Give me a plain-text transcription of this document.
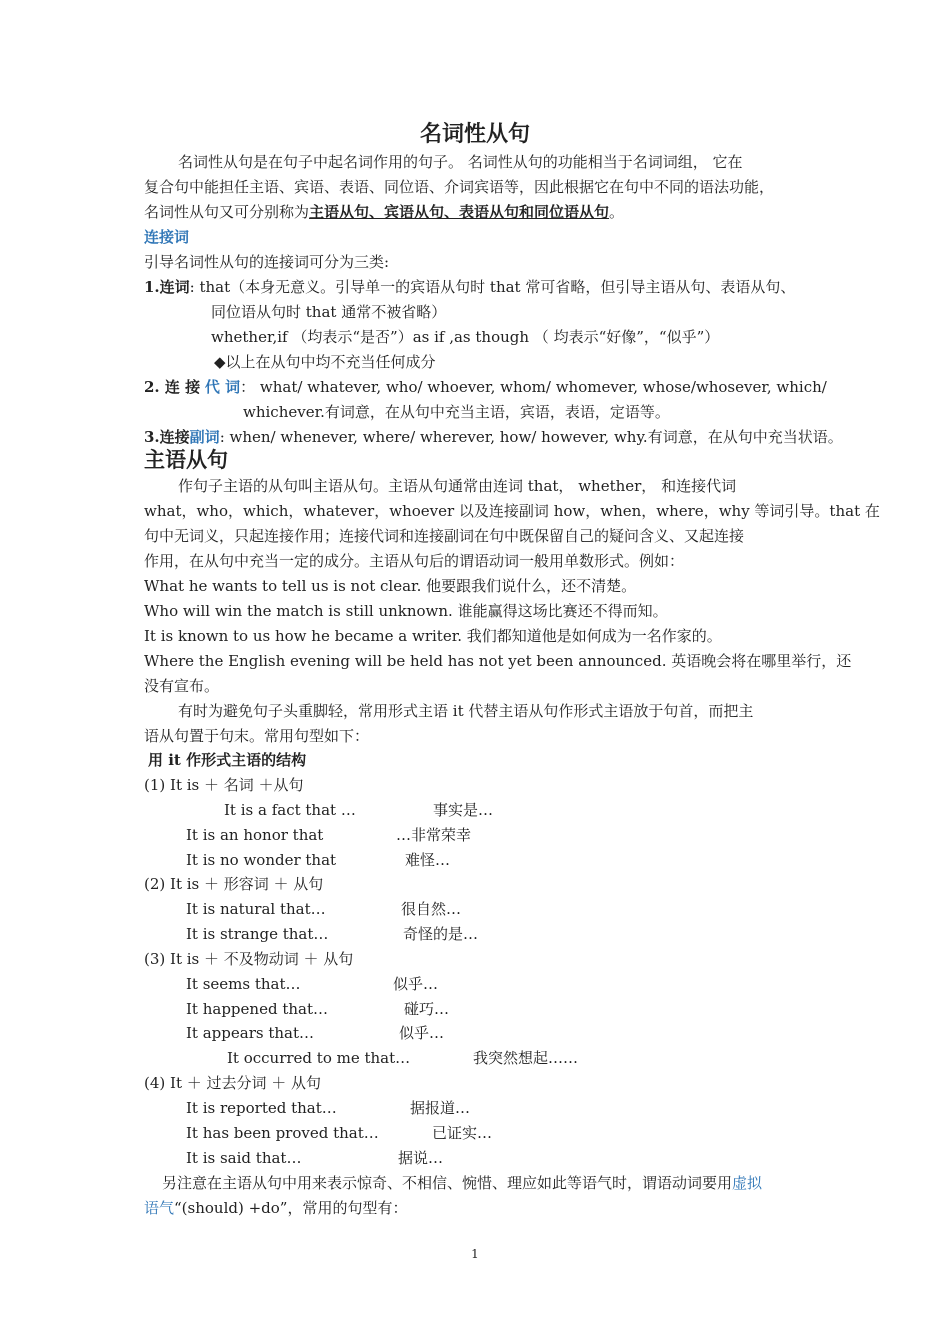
名词性从句
名词性从句是在句子中起名词作用的句子。 名词性从句的功能相当于名词词组， 它在
复合句中能担任主语、宾语、表语、同位语、介词宾语等，因此根据它在句中不同的语法功能，
名词性从句又可分别称为主语从句、宾语从句、表语从句和同位语从句。
连接词
引导名词性从句的连接词可分为三类:
1.连词: that（本身无意义。引导单一的宾语从句时 that 常可省略，但引导主语从句、表语从句、
同位语从句时 that 通常不被省略）
whether,if （均表示“是否”）as if ,as though （ 均表示“好像”，“似乎”）
◆以上在从句中均不充当任何成分
2. 连 接 代 词： what/ whatever, who/ whoever, whom/ whomever, whose/whosever, which/
whichever.有词意，在从句中充当主语，宾语，表语，定语等。
3.连接副词: when/ whenever, where/ wherever, how/ however, why.有词意，在从句中充当状语。
主语从句
作句子主语的从句叫主语从句。主语从句通常由连词 that， whether， 和连接代词
what，who，which，whatever，whoever 以及连接副词 how，when，where，why 等词引导。that 在
句中无词义，只起连接作用；连接代词和连接副词在句中既保留自己的疑问含义、又起连接
作用，在从句中充当一定的成分。主语从句后的谓语动词一般用单数形式。例如：
What he wants to tell us is not clear. 他要跟我们说什么，还不清楚。
Who will win the match is still unknown. 谁能赢得这场比赛还不得而知。
It is known to us how he became a writer. 我们都知道他是如何成为一名作家的。
Where the English evening will be held has not yet been announced. 英语晚会将在哪里举行，还
没有宣布。
有时为避免句子头重脚轻，常用形式主语 it 代替主语从句作形式主语放于句首，而把主
语从句置于句末。常用句型如下：
用 it 作形式主语的结构
(1) It is ＋ 名词 ＋从句
It is a fact that …	事实是…
It is an honor that	…非常荣幸
It is no wonder that	难怪…
(2) It is ＋ 形容词 ＋ 从句
It is natural that…	很自然…
It is strange that…	奇怪的是…
(3) It is ＋ 不及物动词 ＋ 从句
It seems that…	似乎…
It happened that…	碰巧…
It appears that…	似乎…
It occurred to me that…	我突然想起……
(4) It ＋ 过去分词 ＋ 从句
It is reported that…	据报道…
It has been proved that…	已证实…
It is said that…	据说…
另注意在主语从句中用来表示惊奇、不相信、惋惜、理应如此等语气时，谓语动词要用虚拟
语气“(should) +do”，常用的句型有：
1
